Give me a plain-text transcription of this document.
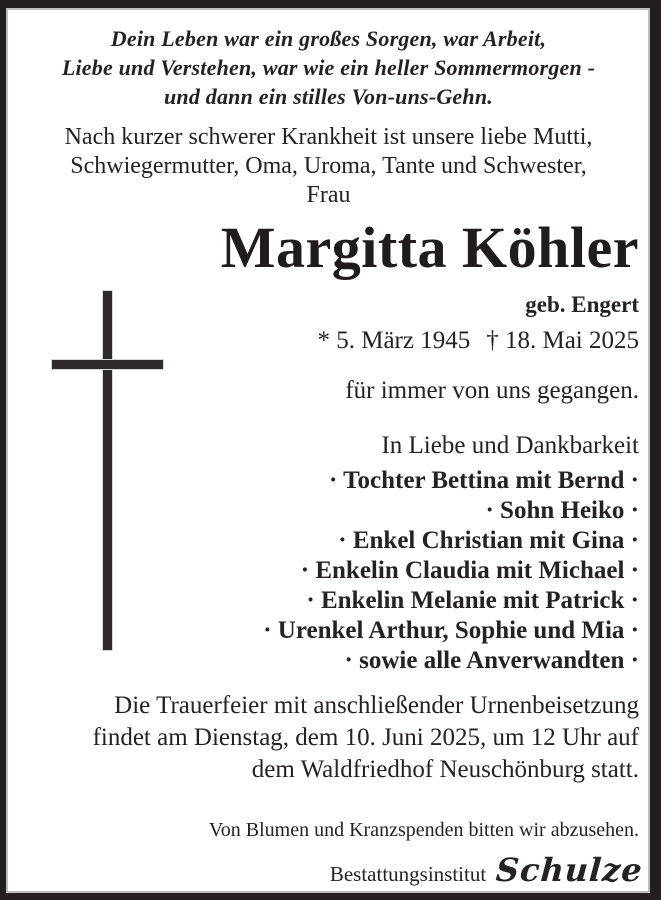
Dein Leben war ein großes Sorgen, war Arbeit,
Liebe und Verstehen, war wie ein heller Sommermorgen -
und dann ein stilles Von-uns-Gehn.
Nach kurzer schwerer Krankheit ist unsere liebe Mutti,
Schwiegermutter, Oma, Uroma, Tante und Schwester,
Frau
Margitta Köhler
geb. Engert
* 5. März 1945 † 18. Mai 2025
für immer von uns gegangen.
In Liebe und Dankbarkeit
· Tochter Bettina mit Bernd ·
· Sohn Heiko ·
· Enkel Christian mit Gina ·
· Enkelin Claudia mit Michael ·
· Enkelin Melanie mit Patrick ·
· Urenkel Arthur, Sophie und Mia ·
· sowie alle Anverwandten ·
Die Trauerfeier mit anschließender Urnenbeisetzung
findet am Dienstag, dem 10. Juni 2025, um 12 Uhr auf
dem Waldfriedhof Neuschönburg statt.
Von Blumen und Kranzspenden bitten wir abzusehen.
Bestattungsinstitut Schulze
